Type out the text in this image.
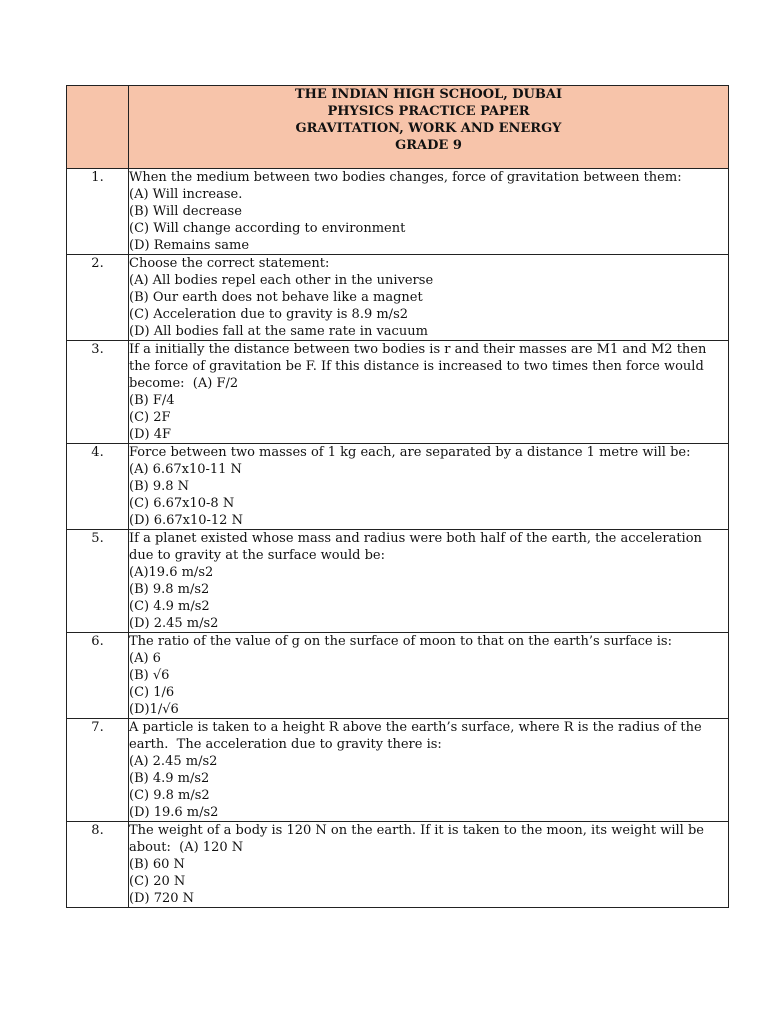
	THE INDIAN HIGH SCHOOL, DUBAI
PHYSICS PRACTICE PAPER
GRAVITATION, WORK AND ENERGY
GRADE 9

1.	When the medium between two bodies changes, force of gravitation between them:
(A) Will increase.
(B) Will decrease
(C) Will change according to environment
(D) Remains same

2.	Choose the correct statement:
(A) All bodies repel each other in the universe
(B) Our earth does not behave like a magnet
(C) Acceleration due to gravity is 8.9 m/s2
(D) All bodies fall at the same rate in vacuum

3.	If a initially the distance between two bodies is r and their masses are M1 and M2 then the force of gravitation be F. If this distance is increased to two times then force would become:  (A) F/2
(B) F/4
(C) 2F
(D) 4F

4.	Force between two masses of 1 kg each, are separated by a distance 1 metre will be:
(A) 6.67x10-11 N
(B) 9.8 N
(C) 6.67x10-8 N
(D) 6.67x10-12 N

5.	If a planet existed whose mass and radius were both half of the earth, the acceleration due to gravity at the surface would be:
(A)19.6 m/s2
(B) 9.8 m/s2
(C) 4.9 m/s2
(D) 2.45 m/s2

6.	The ratio of the value of g on the surface of moon to that on the earth’s surface is:
(A) 6
(B) √6
(C) 1/6
(D)1/√6

7.	A particle is taken to a height R above the earth’s surface, where R is the radius of the earth.  The acceleration due to gravity there is:
(A) 2.45 m/s2
(B) 4.9 m/s2
(C) 9.8 m/s2
(D) 19.6 m/s2

8.	The weight of a body is 120 N on the earth. If it is taken to the moon, its weight will be about:  (A) 120 N
(B) 60 N
(C) 20 N
(D) 720 N
